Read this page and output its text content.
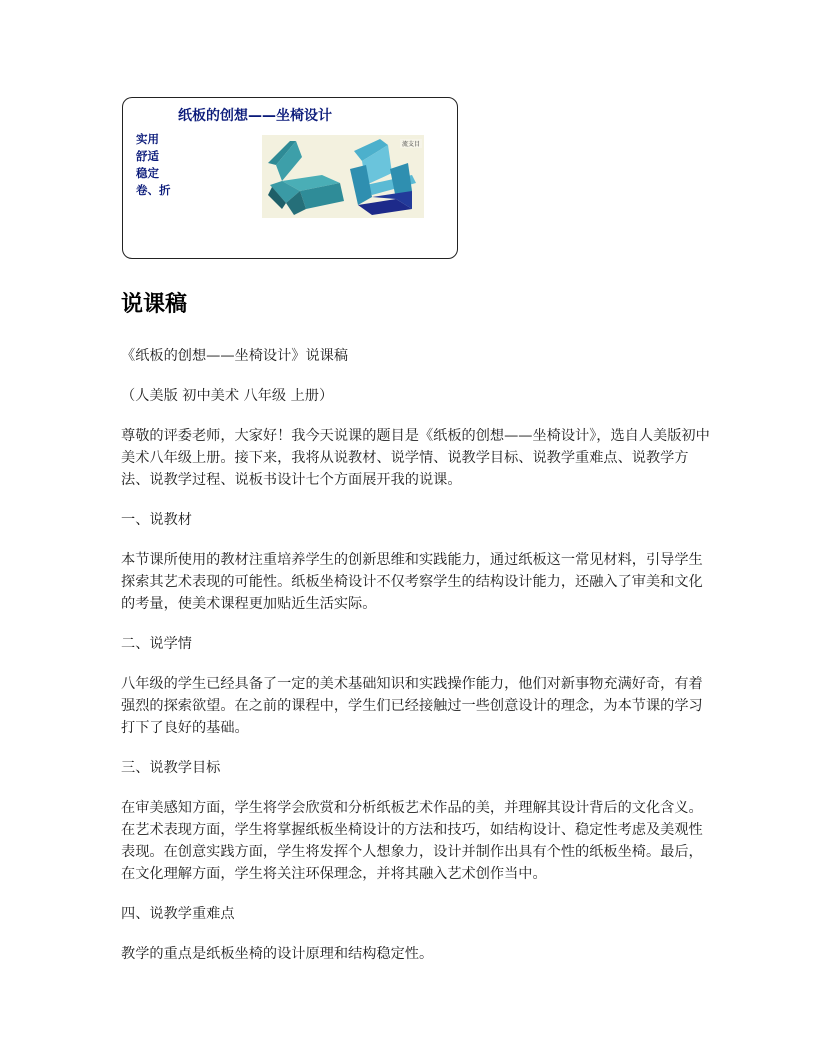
纸板的创想——坐椅设计
实用
舒适
稳定
卷、折
流支目
说课稿

《纸板的创想——坐椅设计》说课稿

（人美版 初中美术 八年级 上册）

尊敬的评委老师，大家好！我今天说课的题目是《纸板的创想——坐椅设计》，选自人美版初中美术八年级上册。接下来，我将从说教材、说学情、说教学目标、说教学重难点、说教学方法、说教学过程、说板书设计七个方面展开我的说课。

一、说教材

本节课所使用的教材注重培养学生的创新思维和实践能力，通过纸板这一常见材料，引导学生探索其艺术表现的可能性。纸板坐椅设计不仅考察学生的结构设计能力，还融入了审美和文化的考量，使美术课程更加贴近生活实际。

二、说学情

八年级的学生已经具备了一定的美术基础知识和实践操作能力，他们对新事物充满好奇，有着强烈的探索欲望。在之前的课程中，学生们已经接触过一些创意设计的理念，为本节课的学习打下了良好的基础。

三、说教学目标

在审美感知方面，学生将学会欣赏和分析纸板艺术作品的美，并理解其设计背后的文化含义。在艺术表现方面，学生将掌握纸板坐椅设计的方法和技巧，如结构设计、稳定性考虑及美观性表现。在创意实践方面，学生将发挥个人想象力，设计并制作出具有个性的纸板坐椅。最后，在文化理解方面，学生将关注环保理念，并将其融入艺术创作当中。

四、说教学重难点

教学的重点是纸板坐椅的设计原理和结构稳定性。
